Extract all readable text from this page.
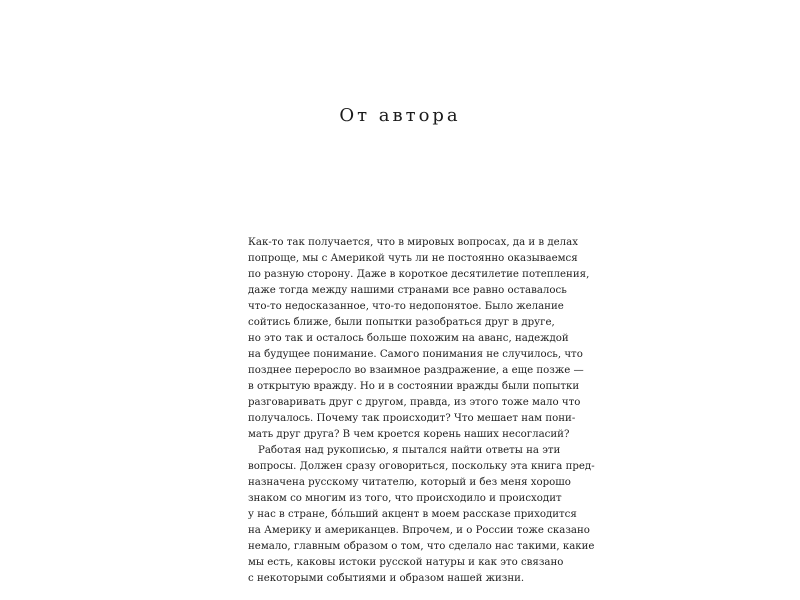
От автора
Как-то так получается, что в мировых вопросах, да и в делах
попроще, мы с Америкой чуть ли не постоянно оказываемся
по разную сторону. Даже в короткое десятилетие потепления,
даже тогда между нашими странами все равно оставалось
что-то недосказанное, что-то недопонятое. Было желание
сойтись ближе, были попытки разобраться друг в друге,
но это так и осталось больше похожим на аванс, надеждой
на будущее понимание. Самого понимания не случилось, что
позднее переросло во взаимное раздражение, а еще позже —
в открытую вражду. Но и в состоянии вражды были попытки
разговаривать друг с другом, правда, из этого тоже мало что
получалось. Почему так происходит? Что мешает нам пони-
мать друг друга? В чем кроется корень наших несогласий?
Работая над рукописью, я пытался найти ответы на эти
вопросы. Должен сразу оговориться, поскольку эта книга пред-
назначена русскому читателю, который и без меня хорошо
знаком со многим из того, что происходило и происходит
у нас в стране, бо́льший акцент в моем рассказе приходится
на Америку и американцев. Впрочем, и о России тоже сказано
немало, главным образом о том, что сделало нас такими, какие
мы есть, каковы истоки русской натуры и как это связано
с некоторыми событиями и образом нашей жизни.
